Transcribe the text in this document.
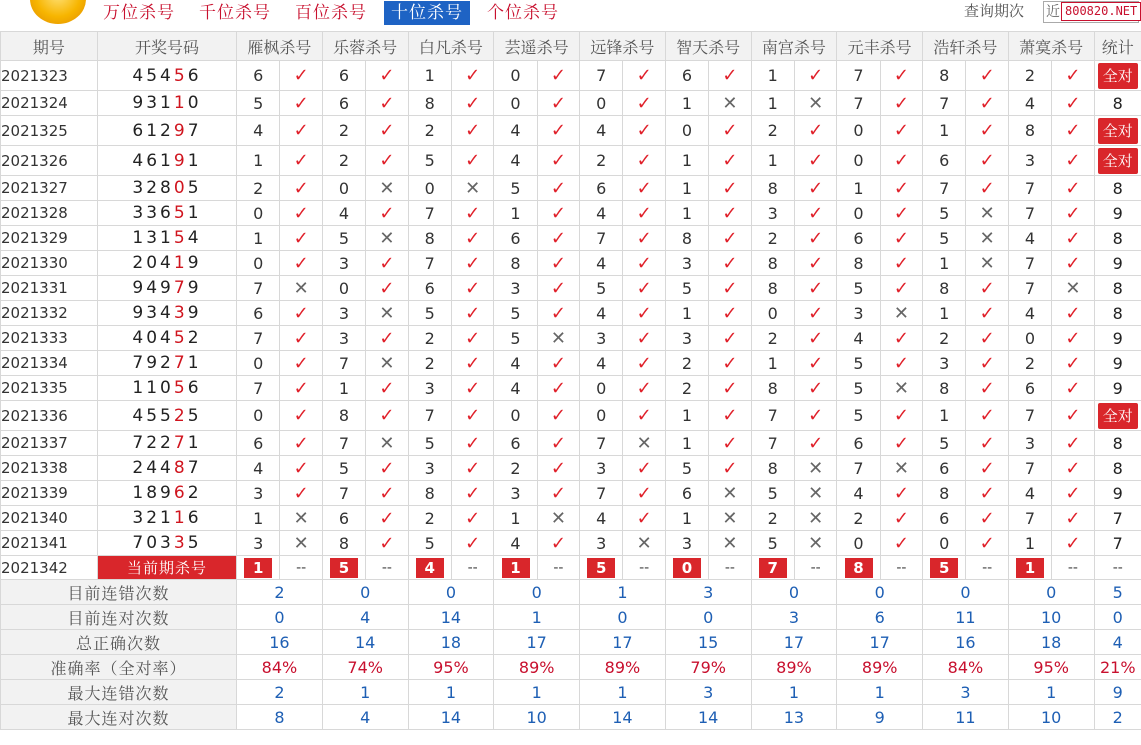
万位杀号	千位杀号	百位杀号	十位杀号	个位杀号	查询期次 近 800820.NET
期号	开奖号码	雁枫杀号		乐蓉杀号		白凡杀号		芸遥杀号		远锋杀号		智天杀号		南宫杀号		元丰杀号		浩轩杀号		萧寞杀号		统计
2021323	45456	6	✓	6	✓	1	✓	0	✓	7	✓	6	✓	1	✓	7	✓	8	✓	2	✓	全对
2021324	93110	5	✓	6	✓	8	✓	0	✓	0	✓	1	✕	1	✕	7	✓	7	✓	4	✓	8
2021325	61297	4	✓	2	✓	2	✓	4	✓	4	✓	0	✓	2	✓	0	✓	1	✓	8	✓	全对
2021326	46191	1	✓	2	✓	5	✓	4	✓	2	✓	1	✓	1	✓	0	✓	6	✓	3	✓	全对
2021327	32805	2	✓	0	✕	0	✕	5	✓	6	✓	1	✓	8	✓	1	✓	7	✓	7	✓	8
2021328	33651	0	✓	4	✓	7	✓	1	✓	4	✓	1	✓	3	✓	0	✓	5	✕	7	✓	9
2021329	13154	1	✓	5	✕	8	✓	6	✓	7	✓	8	✓	2	✓	6	✓	5	✕	4	✓	8
2021330	20419	0	✓	3	✓	7	✓	8	✓	4	✓	3	✓	8	✓	8	✓	1	✕	7	✓	9
2021331	94979	7	✕	0	✓	6	✓	3	✓	5	✓	5	✓	8	✓	5	✓	8	✓	7	✕	8
2021332	93439	6	✓	3	✕	5	✓	5	✓	4	✓	1	✓	0	✓	3	✕	1	✓	4	✓	8
2021333	40452	7	✓	3	✓	2	✓	5	✕	3	✓	3	✓	2	✓	4	✓	2	✓	0	✓	9
2021334	79271	0	✓	7	✕	2	✓	4	✓	4	✓	2	✓	1	✓	5	✓	3	✓	2	✓	9
2021335	11056	7	✓	1	✓	3	✓	4	✓	0	✓	2	✓	8	✓	5	✕	8	✓	6	✓	9
2021336	45525	0	✓	8	✓	7	✓	0	✓	0	✓	1	✓	7	✓	5	✓	1	✓	7	✓	全对
2021337	72271	6	✓	7	✕	5	✓	6	✓	7	✕	1	✓	7	✓	6	✓	5	✓	3	✓	8
2021338	24487	4	✓	5	✓	3	✓	2	✓	3	✓	5	✓	8	✕	7	✕	6	✓	7	✓	8
2021339	18962	3	✓	7	✓	8	✓	3	✓	7	✓	6	✕	5	✕	4	✓	8	✓	4	✓	9
2021340	32116	1	✕	6	✓	2	✓	1	✕	4	✓	1	✕	2	✕	2	✓	6	✓	7	✓	7
2021341	70335	3	✕	8	✓	5	✓	4	✓	3	✕	3	✕	5	✕	0	✓	0	✓	1	✓	7
2021342	当前期杀号	1	--	5	--	4	--	1	--	5	--	0	--	7	--	8	--	5	--	1	--	--
目前连错次数		2		0		0		0		1		3		0		0		0		0		5
目前连对次数		0		4		14		1		0		0		3		6		11		10		0
总正确次数		16		14		18		17		17		15		17		17		16		18		4
准确率（全对率）		84%		74%		95%		89%		89%		79%		89%		89%		84%		95%		21%
最大连错次数		2		1		1		1		1		3		1		1		3		1		9
最大连对次数		8		4		14		10		14		14		13		9		11		10		2
